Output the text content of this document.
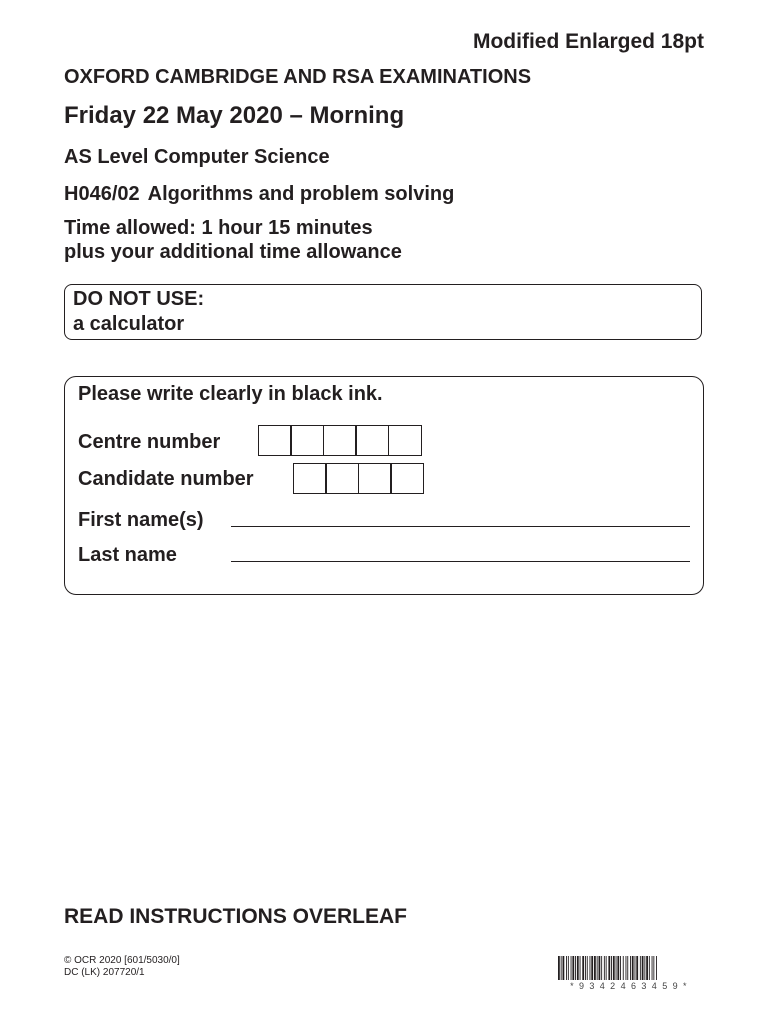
Modified Enlarged 18pt
OXFORD CAMBRIDGE AND RSA EXAMINATIONS
Friday 22 May 2020 – Morning
AS Level Computer Science
H046/02 Algorithms and problem solving
Time allowed: 1 hour 15 minutes
plus your additional time allowance
DO NOT USE:
a calculator
Please write clearly in black ink.
Centre number
Candidate number
First name(s)
Last name
READ INSTRUCTIONS OVERLEAF
© OCR 2020 [601/5030/0]
DC (LK) 207720/1
*9342463459*
